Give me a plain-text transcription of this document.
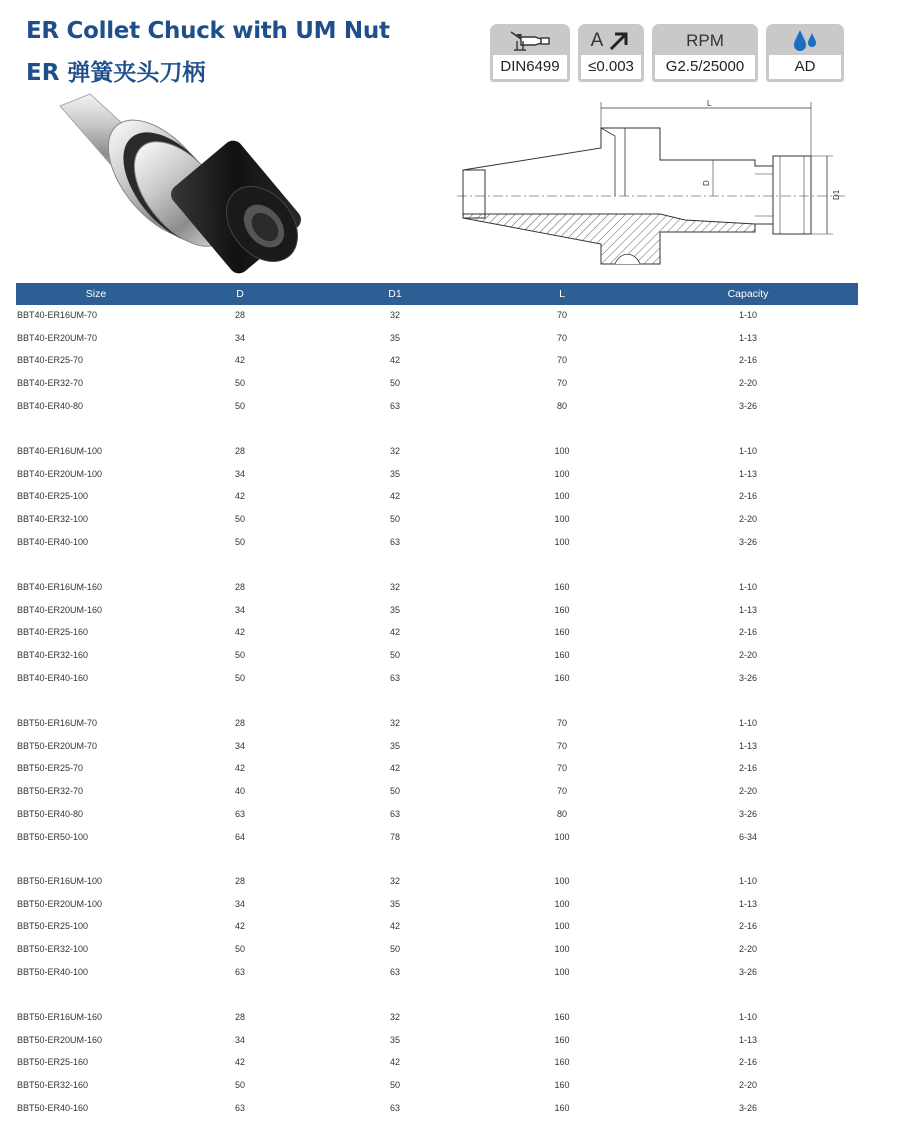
ER Collet Chuck with UM Nut
ER 弹簧夹头刀柄	DIN6499
A
≤0.003
RPM
G2.5/25000	AD
L
D
D1
Size	D	D1	L	Capacity
BBT40-ER16UM-70	28	32	70	1-10
BBT40-ER20UM-70	34	35	70	1-13
BBT40-ER25-70	42	42	70	2-16
BBT40-ER32-70	50	50	70	2-20
BBT40-ER40-80	50	63	80	3-26
BBT40-ER16UM-100	28	32	100	1-10
BBT40-ER20UM-100	34	35	100	1-13
BBT40-ER25-100	42	42	100	2-16
BBT40-ER32-100	50	50	100	2-20
BBT40-ER40-100	50	63	100	3-26
BBT40-ER16UM-160	28	32	160	1-10
BBT40-ER20UM-160	34	35	160	1-13
BBT40-ER25-160	42	42	160	2-16
BBT40-ER32-160	50	50	160	2-20
BBT40-ER40-160	50	63	160	3-26
BBT50-ER16UM-70	28	32	70	1-10
BBT50-ER20UM-70	34	35	70	1-13
BBT50-ER25-70	42	42	70	2-16
BBT50-ER32-70	40	50	70	2-20
BBT50-ER40-80	63	63	80	3-26
BBT50-ER50-100	64	78	100	6-34
BBT50-ER16UM-100	28	32	100	1-10
BBT50-ER20UM-100	34	35	100	1-13
BBT50-ER25-100	42	42	100	2-16
BBT50-ER32-100	50	50	100	2-20
BBT50-ER40-100	63	63	100	3-26
BBT50-ER16UM-160	28	32	160	1-10
BBT50-ER20UM-160	34	35	160	1-13
BBT50-ER25-160	42	42	160	2-16
BBT50-ER32-160	50	50	160	2-20
BBT50-ER40-160	63	63	160	3-26
